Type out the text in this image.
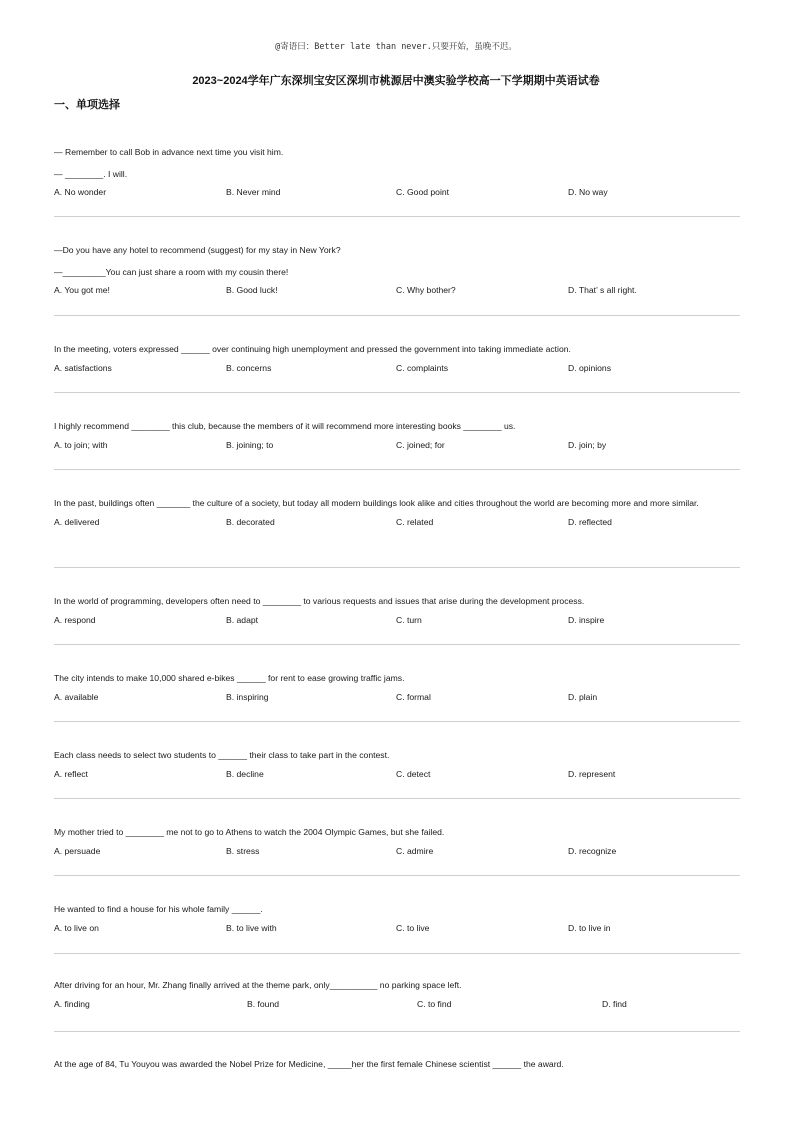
@寄语曰：Better late than never.只要开始，虽晚不迟。
2023~2024学年广东深圳宝安区深圳市桃源居中澳实验学校高一下学期期中英语试卷
一、单项选择
— Remember to call Bob in advance next time you visit him.
— ________. I will.
A. No wonder	B. Never mind	C. Good point	D. No way
—Do you have any hotel to recommend (suggest) for my stay in New York?
—_________You can just share a room with my cousin there!
A. You got me!	B. Good luck!	C. Why bother?	D. That’ s all right.
In the meeting, voters expressed ______ over continuing high unemployment and pressed the government into taking immediate action.
A. satisfactions	B. concerns	C. complaints	D. opinions
I highly recommend ________ this club, because the members of it will recommend more interesting books ________ us.
A. to join; with	B. joining; to	C. joined; for	D. join; by
In the past, buildings often _______ the culture of a society, but today all modern buildings look alike and cities throughout the world are becoming more and more similar.
A. delivered	B. decorated	C. related	D. reflected
In the world of programming, developers often need to ________ to various requests and issues that arise during the development process.
A. respond	B. adapt	C. turn	D. inspire
The city intends to make 10,000 shared e-bikes ______ for rent to ease growing traffic jams.
A. available	B. inspiring	C. formal	D. plain
Each class needs to select two students to ______ their class to take part in the contest.
A. reflect	B. decline	C. detect	D. represent
My mother tried to ________ me not to go to Athens to watch the 2004 Olympic Games, but she failed.
A. persuade	B. stress	C. admire	D. recognize
He wanted to find a house for his whole family ______.
A. to live on	B. to live with	C. to live	D. to live in
After driving for an hour, Mr. Zhang finally arrived at the theme park, only__________ no parking space left.
A. finding	B. found	C. to find	D. find
At the age of 84, Tu Youyou was awarded the Nobel Prize for Medicine, _____her the first female Chinese scientist ______ the award.
